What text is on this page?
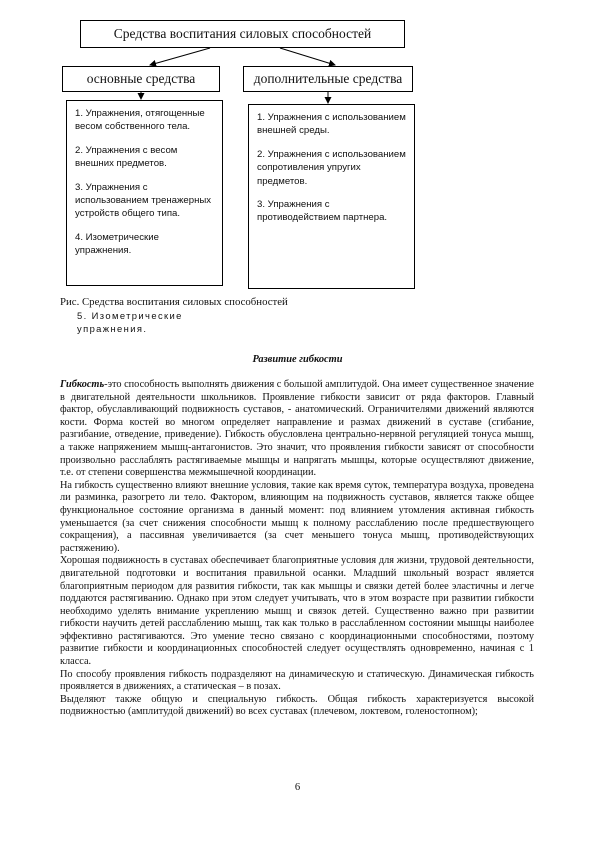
Средства воспитания силовых способностей
основные средства	дополнительные средства
1. Упражнения, отягощенные весом собственного тела.
2. Упражнения с весом внешних предметов.
3. Упражнения с использованием тренажерных устройств общего типа.
4. Изометрические упражнения.
1. Упражнения с использованием внешней среды.
2. Упражнения с использованием сопротивления упругих предметов.
3. Упражнения с противодействием партнера.
Рис. Средства воспитания силовых способностей
5. Изометрические упражнения.
Развитие гибкости

Гибкость-это способность выполнять движения с большой амплитудой. Она имеет существенное значение в двигательной деятельности школьников. Проявление гибкости зависит от ряда факторов. Главный фактор, обуславливающий подвижность суставов, - анатомический. Ограничителями движений являются кости. Форма костей во многом определяет направление и размах движений в суставе (сгибание, разгибание, отведение, приведение). Гибкость обусловлена центрально-нервной регуляцией тонуса мышц, а также напряжением мышц-антагонистов. Это значит, что проявления гибкости зависят от способности произвольно расслаблять растягиваемые мышцы и напрягать мышцы, которые осуществляют движение, т.е. от степени совершенства межмышечной координации.

На гибкость существенно влияют внешние условия, такие как время суток, температура воздуха, проведена ли разминка, разогрето ли тело. Фактором, влияющим на подвижность суставов, является также общее функциональное состояние организма в данный момент: под влиянием утомления активная гибкость уменьшается (за счет снижения способности мышц к полному расслаблению после предшествующего сокращения), а пассивная увеличивается (за счет меньшего тонуса мышц, противодействующих растяжению).

Хорошая подвижность в суставах обеспечивает благоприятные условия для жизни, трудовой деятельности, двигательной подготовки и воспитания правильной осанки. Младший школьный возраст является благоприятным периодом для развития гибкости, так как мышцы и связки детей более эластичны и легче поддаются растягиванию. Однако при этом следует учитывать, что в этом возрасте при развитии гибкости необходимо уделять внимание укреплению мышц и связок детей. Существенно важно при развитии гибкости научить детей расслаблению мышц, так как только в расслабленном состоянии мышцы наиболее эффективно растягиваются. Это умение тесно связано с координационными способностями, поэтому развитие гибкости и координационных способностей следует осуществлять одновременно, начиная с 1 класса.

По способу проявления гибкость подразделяют на динамическую и статическую. Динамическая гибкость проявляется в движениях, а статическая – в позах.

Выделяют также общую и специальную гибкость. Общая гибкость характеризуется высокой подвижностью (амплитудой движений) во всех суставах (плечевом, локтевом, голеностопном);

6
